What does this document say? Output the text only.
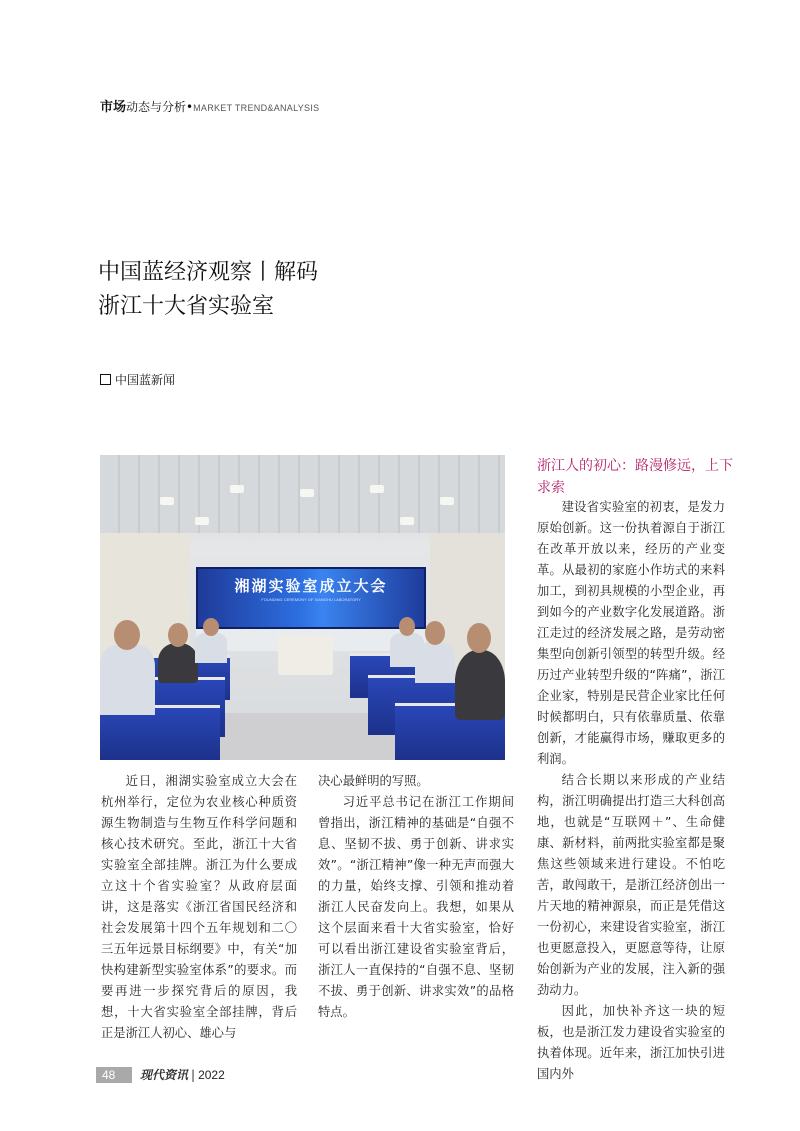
市场动态与分析•MARKET TREND&ANALYSIS
中国蓝经济观察丨解码
浙江十大省实验室
中国蓝新闻
湘湖实验室成立大会
FOUNDING CEREMONY OF XIANGHU LABORATORY

近日，湘湖实验室成立大会在杭州举行，定位为农业核心种质资源生物制造与生物互作科学问题和核心技术研究。至此，浙江十大省实验室全部挂牌。浙江为什么要成立这十个省实验室？从政府层面讲，这是落实《浙江省国民经济和社会发展第十四个五年规划和二〇三五年远景目标纲要》中，有关“加快构建新型实验室体系”的要求。而要再进一步探究背后的原因，我想，十大省实验室全部挂牌，背后正是浙江人初心、雄心与

决心最鲜明的写照。

习近平总书记在浙江工作期间曾指出，浙江精神的基础是“自强不息、坚韧不拔、勇于创新、讲求实效”。“浙江精神”像一种无声而强大的力量，始终支撑、引领和推动着浙江人民奋发向上。我想，如果从这个层面来看十大省实验室，恰好可以看出浙江建设省实验室背后，浙江人一直保持的“自强不息、坚韧不拔、勇于创新、讲求实效”的品格特点。

浙江人的初心：路漫修远，上下求索

建设省实验室的初衷，是发力原始创新。这一份执着源自于浙江在改革开放以来，经历的产业变革。从最初的家庭小作坊式的来料加工，到初具规模的小型企业，再到如今的产业数字化发展道路。浙江走过的经济发展之路，是劳动密集型向创新引领型的转型升级。经历过产业转型升级的“阵痛”，浙江企业家，特别是民营企业家比任何时候都明白，只有依靠质量、依靠创新，才能赢得市场，赚取更多的利润。

结合长期以来形成的产业结构，浙江明确提出打造三大科创高地，也就是“互联网＋”、生命健康、新材料，前两批实验室都是聚焦这些领域来进行建设。不怕吃苦，敢闯敢干，是浙江经济创出一片天地的精神源泉，而正是凭借这一份初心，来建设省实验室，浙江也更愿意投入，更愿意等待，让原始创新为产业的发展，注入新的强劲动力。

因此，加快补齐这一块的短板，也是浙江发力建设省实验室的执着体现。近年来，浙江加快引进国内外

48	现代资讯 | 2022
